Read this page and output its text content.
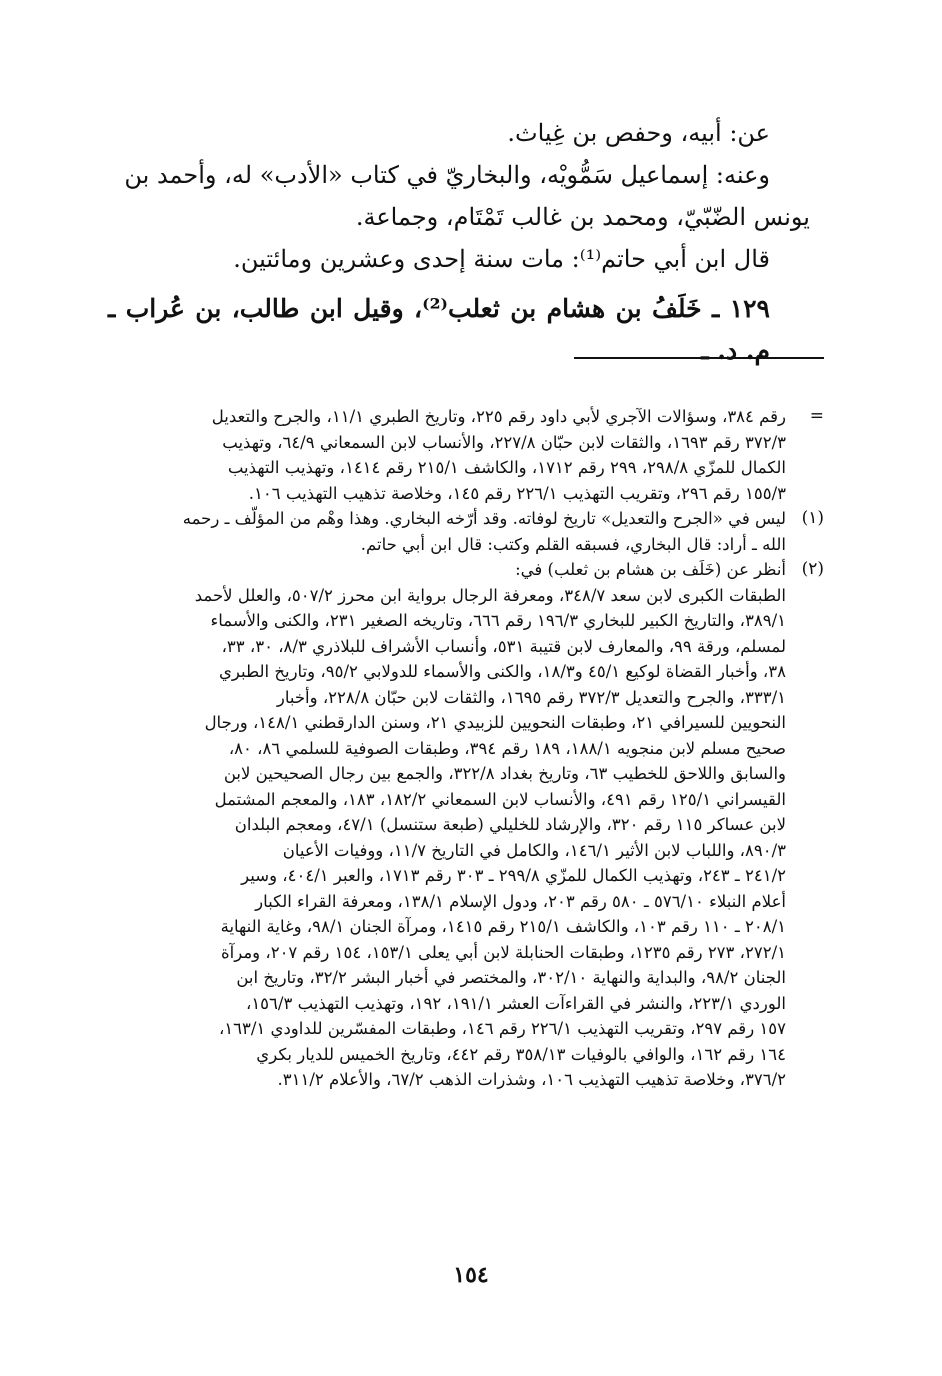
عن: أبيه، وحفص بن غِياث.

وعنه: إسماعيل سَمُّويْه، والبخاريّ في كتاب «الأدب» له، وأحمد بن

يونس الضّبّيّ، ومحمد بن غالب تَمْتَام، وجماعة.

قال ابن أبي حاتم⁽¹⁾: مات سنة إحدى وعشرين ومائتين.

١٢٩ ـ خَلَفُ بن هشام بن ثعلب⁽²⁾، وقيل ابن طالب، بن عُراب ـ م. د. ـ

=
رقم ٣٨٤، وسؤالات الآجري لأبي داود رقم ٢٢٥، وتاريخ الطبري ١١/١، والجرح والتعديل
٣٧٢/٣ رقم ١٦٩٣، والثقات لابن حبّان ٢٢٧/٨، والأنساب لابن السمعاني ٦٤/٩، وتهذيب
الكمال للمزّي ٢٩٨/٨، ٢٩٩ رقم ١٧١٢، والكاشف ٢١٥/١ رقم ١٤١٤، وتهذيب التهذيب
١٥٥/٣ رقم ٢٩٦، وتقريب التهذيب ٢٢٦/١ رقم ١٤٥، وخلاصة تذهيب التهذيب ١٠٦.
(١)
ليس في «الجرح والتعديل» تاريخ لوفاته. وقد أرّخه البخاري. وهذا وهْم من المؤلّف ـ رحمه
الله ـ أراد: قال البخاري، فسبقه القلم وكتب: قال ابن أبي حاتم.
(٢)
أنظر عن (خَلَف بن هشام بن ثعلب) في:
الطبقات الكبرى لابن سعد ٣٤٨/٧، ومعرفة الرجال برواية ابن محرز ٥٠٧/٢، والعلل لأحمد
٣٨٩/١، والتاريخ الكبير للبخاري ١٩٦/٣ رقم ٦٦٦، وتاريخه الصغير ٢٣١، والكنى والأسماء
لمسلم، ورقة ٩٩، والمعارف لابن قتيبة ٥٣١، وأنساب الأشراف للبلاذري ٨/٣، ٣٠، ٣٣،
٣٨، وأخبار القضاة لوكيع ٤٥/١ و١٨/٣، والكنى والأسماء للدولابي ٩٥/٢، وتاريخ الطبري
٣٣٣/١، والجرح والتعديل ٣٧٢/٣ رقم ١٦٩٥، والثقات لابن حبّان ٢٢٨/٨، وأخبار
النحويين للسيرافي ٢١، وطبقات النحويين للزبيدي ٢١، وسنن الدارقطني ١٤٨/١، ورجال
صحيح مسلم لابن منجويه ١٨٨/١، ١٨٩ رقم ٣٩٤، وطبقات الصوفية للسلمي ٨٦، ٨٠،
والسابق واللاحق للخطيب ٦٣، وتاريخ بغداد ٣٢٢/٨، والجمع بين رجال الصحيحين لابن
القيسراني ١٢٥/١ رقم ٤٩١، والأنساب لابن السمعاني ١٨٢/٢، ١٨٣، والمعجم المشتمل
لابن عساكر ١١٥ رقم ٣٢٠، والإرشاد للخليلي (طبعة ستنسل) ٤٧/١، ومعجم البلدان
٨٩٠/٣، واللباب لابن الأثير ١٤٦/١، والكامل في التاريخ ١١/٧، ووفيات الأعيان
٢٤١/٢ ـ ٢٤٣، وتهذيب الكمال للمزّي ٢٩٩/٨ ـ ٣٠٣ رقم ١٧١٣، والعبر ٤٠٤/١، وسير
أعلام النبلاء ٥٧٦/١٠ ـ ٥٨٠ رقم ٢٠٣، ودول الإسلام ١٣٨/١، ومعرفة القراء الكبار
٢٠٨/١ ـ ١١٠ رقم ١٠٣، والكاشف ٢١٥/١ رقم ١٤١٥، ومرآة الجنان ٩٨/١، وغاية النهاية
٢٧٢/١، ٢٧٣ رقم ١٢٣٥، وطبقات الحنابلة لابن أبي يعلى ١٥٣/١، ١٥٤ رقم ٢٠٧، ومرآة
الجنان ٩٨/٢، والبداية والنهاية ٣٠٢/١٠، والمختصر في أخبار البشر ٣٢/٢، وتاريخ ابن
الوردي ٢٢٣/١، والنشر في القراءآت العشر ١٩١/١، ١٩٢، وتهذيب التهذيب ١٥٦/٣،
١٥٧ رقم ٢٩٧، وتقريب التهذيب ٢٢٦/١ رقم ١٤٦، وطبقات المفسّرين للداودي ١٦٣/١،
١٦٤ رقم ١٦٢، والوافي بالوفيات ٣٥٨/١٣ رقم ٤٤٢، وتاريخ الخميس للديار بكري
٣٧٦/٢، وخلاصة تذهيب التهذيب ١٠٦، وشذرات الذهب ٦٧/٢، والأعلام ٣١١/٢.
١٥٤
